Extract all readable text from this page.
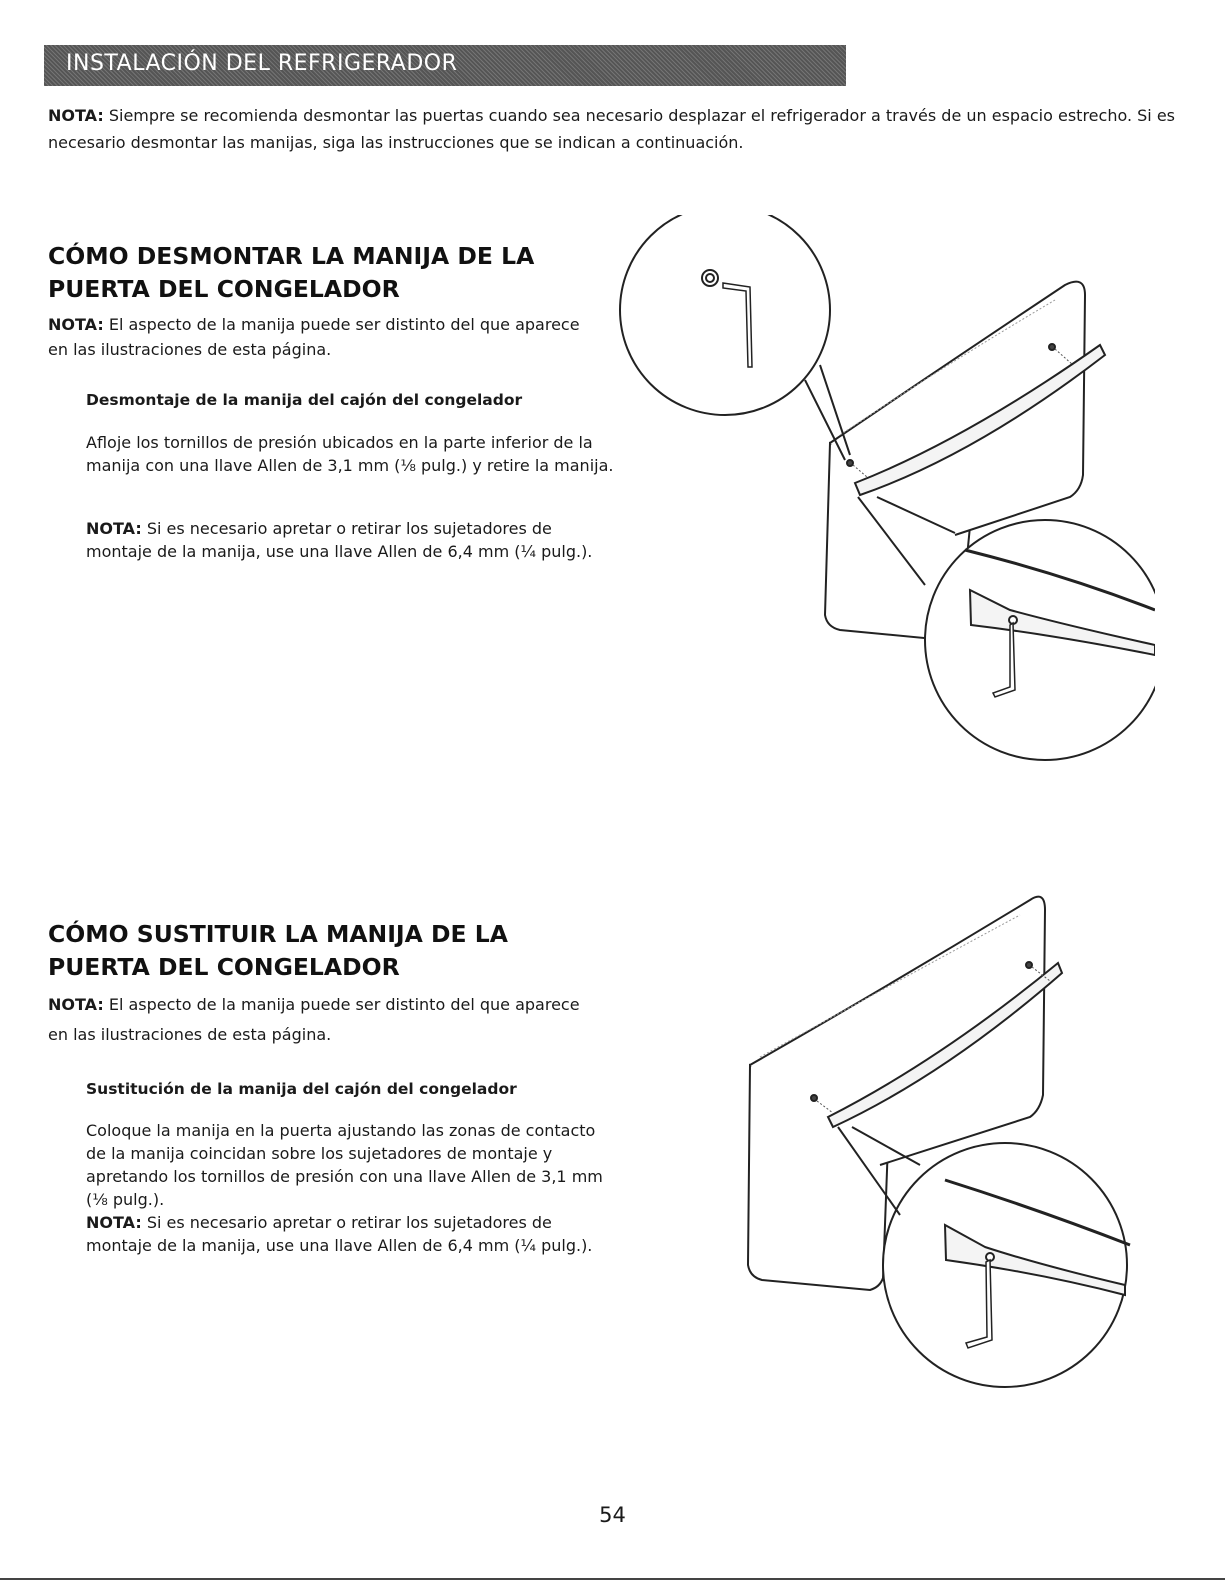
INSTALACIÓN DEL REFRIGERADOR
NOTA: Siempre se recomienda desmontar las puertas cuando sea necesario desplazar el refrigerador a través de un espacio estrecho. Si es necesario desmontar las manijas, siga las instrucciones que se indican a continuación.
CÓMO DESMONTAR LA MANIJA DE LA
PUERTA DEL CONGELADOR
NOTA: El aspecto de la manija puede ser distinto del que aparece en las ilustraciones de esta página.
Desmontaje de la manija del cajón del congelador
Afloje los tornillos de presión ubicados en la parte inferior de la manija con una llave Allen de 3,1 mm (⅛ pulg.) y retire la manija.
NOTA: Si es necesario apretar o retirar los sujetadores de montaje de la manija, use una llave Allen de 6,4 mm (¼ pulg.).
CÓMO SUSTITUIR LA MANIJA DE LA
PUERTA DEL CONGELADOR
NOTA: El aspecto de la manija puede ser distinto del que aparece en las ilustraciones de esta página.
Sustitución de la manija del cajón del congelador
Coloque la manija en la puerta ajustando las zonas de contacto de la manija coincidan sobre los sujetadores de montaje y apretando los tornillos de presión con una llave Allen de 3,1 mm (⅛ pulg.).
NOTA: Si es necesario apretar o retirar los sujetadores de montaje de la manija, use una llave Allen de 6,4 mm (¼ pulg.).
54
